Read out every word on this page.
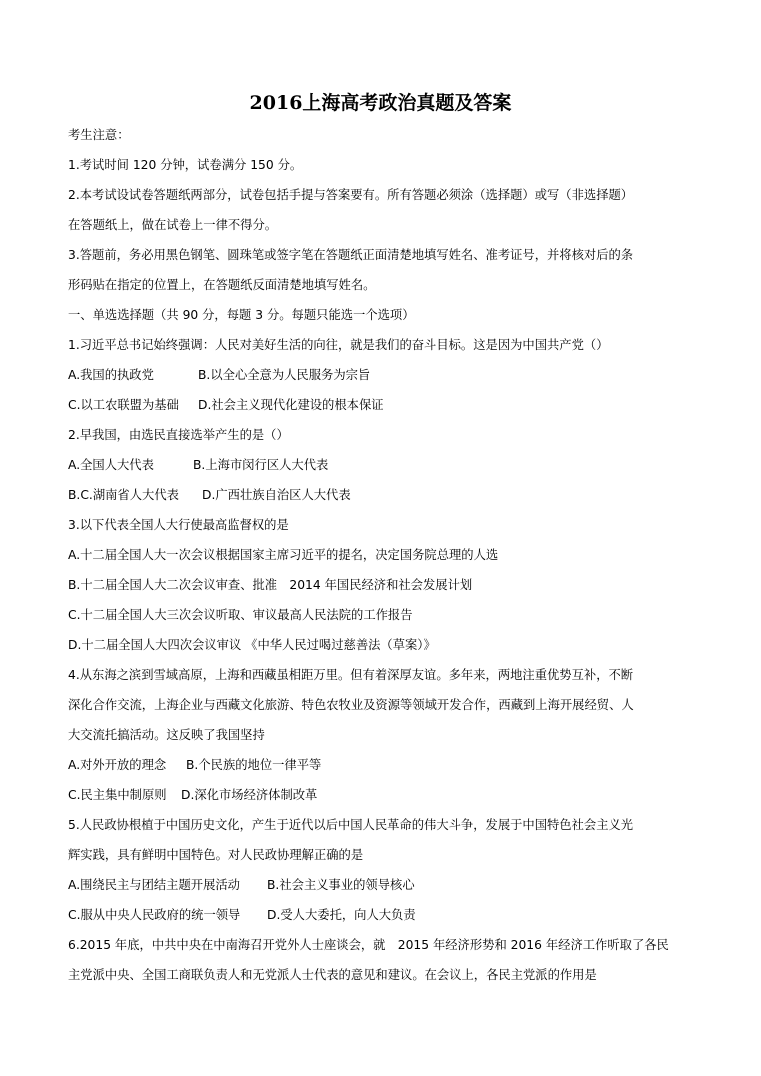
2016上海高考政治真题及答案
考生注意：
1.考试时间 120 分钟，试卷满分 150 分。
2.本考试设试卷答题纸两部分，试卷包括手提与答案要有。所有答题必须涂（选择题）或写（非选择题）
在答题纸上，做在试卷上一律不得分。
3.答题前，务必用黑色钢笔、圆珠笔或签字笔在答题纸正面清楚地填写姓名、准考证号，并将核对后的条
形码贴在指定的位置上，在答题纸反面清楚地填写姓名。
一、单选选择题（共 90 分，每题 3 分。每题只能选一个选项）
1.习近平总书记始终强调：人民对美好生活的向往，就是我们的奋斗目标。这是因为中国共产党（）
A.我国的执政党	B.以全心全意为人民服务为宗旨
C.以工农联盟为基础 D.社会主义现代化建设的根本保证
2.早我国，由选民直接选举产生的是（）
A.全国人大代表	B.上海市闵行区人大代表
B.C.湖南省人大代表 D.广西壮族自治区人大代表
3.以下代表全国人大行使最高监督权的是
A.十二届全国人大一次会议根据国家主席习近平的提名，决定国务院总理的人选
B.十二届全国人大二次会议审查、批准　2014 年国民经济和社会发展计划
C.十二届全国人大三次会议听取、审议最高人民法院的工作报告
D.十二届全国人大四次会议审议 《中华人民过喝过慈善法（草案）》
4.从东海之滨到雪域高原，上海和西藏虽相距万里。但有着深厚友谊。多年来，两地注重优势互补，不断
深化合作交流，上海企业与西藏文化旅游、特色农牧业及资源等领域开发合作，西藏到上海开展经贸、人
大交流托搞活动。这反映了我国坚持
A.对外开放的理念 B.个民族的地位一律平等
C.民主集中制原则 D.深化市场经济体制改革
5.人民政协根植于中国历史文化，产生于近代以后中国人民革命的伟大斗争，发展于中国特色社会主义光
辉实践，具有鲜明中国特色。对人民政协理解正确的是
A.围绕民主与团结主题开展活动 B.社会主义事业的领导核心
C.服从中央人民政府的统一领导 D.受人大委托，向人大负责
6.2015 年底，中共中央在中南海召开党外人士座谈会，就　2015 年经济形势和 2016 年经济工作听取了各民
主党派中央、全国工商联负责人和无党派人士代表的意见和建议。在会议上，各民主党派的作用是
